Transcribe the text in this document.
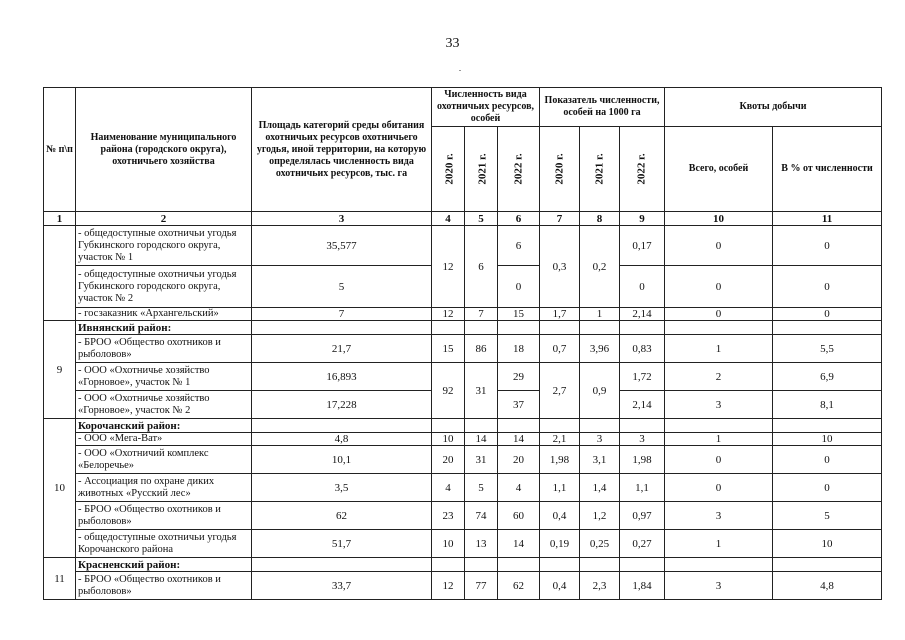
33
№ п\п	Наименование муниципального района (городского округа), охотничьего хозяйства	Площадь категорий среды обитания охотничьих ресурсов охотничьего угодья, иной территории, на которую определялась численность вида охотничьих ресурсов, тыс. га	Численность вида охотничьих ресурсов, особей			Показатель численности, особей на 1000 га			Квоты добычи	
			2020 г.	2021 г.	2022 г.	2020 г.	2021 г.	2022 г.	Всего, особей	В % от численности
1	2	3	4	5	6	7	8	9	10	11
	- общедоступные охотничьи угодья Губкинского городского округа, участок № 1	35,577	12	6	6	0,3	0,2	0,17	0	0
	- общедоступные охотничьи угодья Губкинского городского округа, участок № 2	5			0			0	0	0
	- госзаказник «Архангельский»	7	12	7	15	1,7	1	2,14	0	0
9	Ивнянский район:									
	- БРОО «Общество охотников и рыболовов»	21,7	15	86	18	0,7	3,96	0,83	1	5,5
	- ООО «Охотничье хозяйство «Горновое», участок № 1	16,893	92	31	29	2,7	0,9	1,72	2	6,9
	- ООО «Охотничье хозяйство «Горновое», участок № 2	17,228			37			2,14	3	8,1
10	Корочанский район:									
	- ООО «Мега-Ват»	4,8	10	14	14	2,1	3	3	1	10
	- ООО «Охотничий комплекс «Белоречье»	10,1	20	31	20	1,98	3,1	1,98	0	0
	- Ассоциация по охране диких животных «Русский лес»	3,5	4	5	4	1,1	1,4	1,1	0	0
	- БРОО «Общество охотников и рыболовов»	62	23	74	60	0,4	1,2	0,97	3	5
	- общедоступные охотничьи угодья Корочанского района	51,7	10	13	14	0,19	0,25	0,27	1	10
11	Красненский район:									
	- БРОО «Общество охотников и рыболовов»	33,7	12	77	62	0,4	2,3	1,84	3	4,8
